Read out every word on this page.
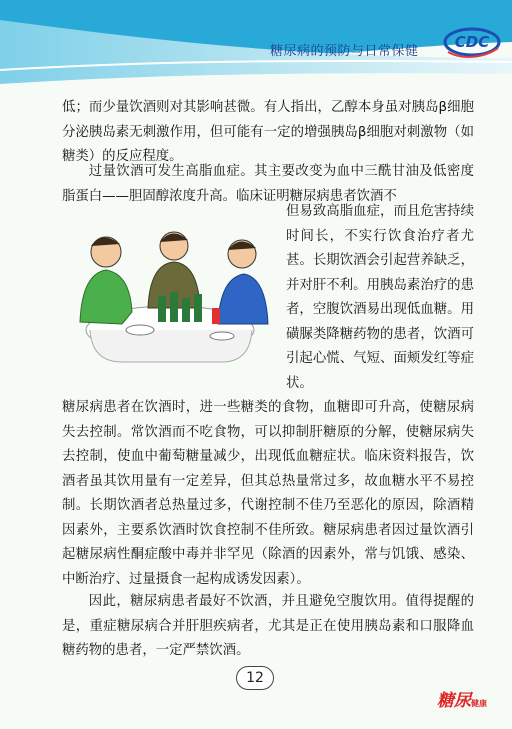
糖尿病的预防与日常保健
CDC

低；而少量饮酒则对其影响甚微。有人指出，乙醇本身虽对胰岛β细胞分泌胰岛素无刺激作用，但可能有一定的增强胰岛β细胞对刺激物（如糖类）的反应程度。

过量饮酒可发生高脂血症。其主要改变为血中三酰甘油及低密度脂蛋白——胆固醇浓度升高。临床证明糖尿病患者饮酒不

但易致高脂血症，而且危害持续时间长，不实行饮食治疗者尤甚。长期饮酒会引起营养缺乏，并对肝不利。用胰岛素治疗的患者，空腹饮酒易出现低血糖。用磺脲类降糖药物的患者，饮酒可引起心慌、气短、面颊发红等症状。

糖尿病患者在饮酒时，进一些糖类的食物，血糖即可升高，使糖尿病失去控制。常饮酒而不吃食物，可以抑制肝糖原的分解，使糖尿病失去控制，使血中葡萄糖量减少，出现低血糖症状。临床资料报告，饮酒者虽其饮用量有一定差异，但其总热量常过多，故血糖水平不易控制。长期饮酒者总热量过多，代谢控制不佳乃至恶化的原因，除酒精因素外，主要系饮酒时饮食控制不佳所致。糖尿病患者因过量饮酒引起糖尿病性酮症酸中毒并非罕见（除酒的因素外，常与饥饿、感染、中断治疗、过量摄食一起构成诱发因素）。

因此，糖尿病患者最好不饮酒，并且避免空腹饮用。值得提醒的是，重症糖尿病合并肝胆疾病者，尤其是正在使用胰岛素和口服降血糖药物的患者，一定严禁饮酒。

12
糖尿健康
